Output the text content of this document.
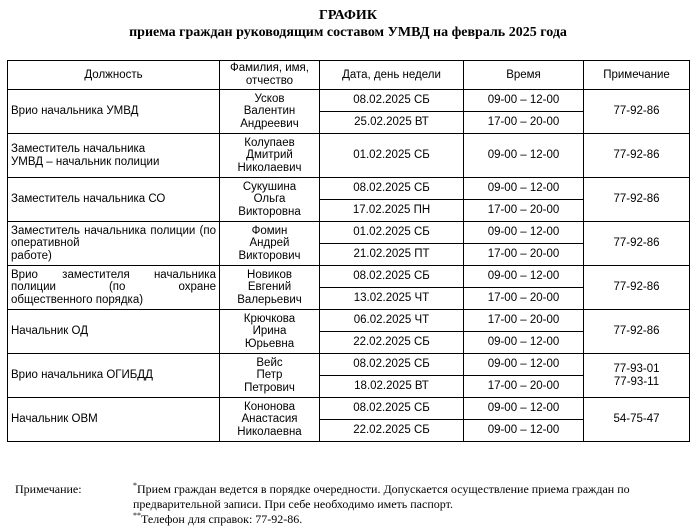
ГРАФИК
приема граждан руководящим составом УМВД на февраль 2025 года
Должность	Фамилия, имя,
отчество	Дата, день недели	Время	Примечание
Врио начальника УМВД	Усков
Валентин
Андреевич	08.02.2025 СБ	09-00 – 12-00	77-92-86
		25.02.2025 ВТ	17-00 – 20-00	
Заместитель начальника
УМВД – начальник полиции	Колупаев
Дмитрий
Николаевич	01.02.2025 СБ	09-00 – 12-00	77-92-86
Заместитель начальника СО	Сукушина
Ольга
Викторовна	08.02.2025 СБ	09-00 – 12-00	77-92-86
		17.02.2025 ПН	17-00 – 20-00	
Заместитель начальника полиции (по оперативной
работе)	Фомин
Андрей
Викторович	01.02.2025 СБ	09-00 – 12-00	77-92-86
		21.02.2025 ПТ	17-00 – 20-00	
Врио заместителя начальника полиции (по охране
общественного порядка)	Новиков
Евгений
Валерьевич	08.02.2025 СБ	09-00 – 12-00	77-92-86
		13.02.2025 ЧТ	17-00 – 20-00	
Начальник ОД	Крючкова
Ирина
Юрьевна	06.02.2025 ЧТ	17-00 – 20-00	77-92-86
		22.02.2025 СБ	09-00 – 12-00	
Врио начальника ОГИБДД	Вейс
Петр
Петрович	08.02.2025 СБ	09-00 – 12-00	77-93-01
77-93-11
		18.02.2025 ВТ	17-00 – 20-00	
Начальник ОВМ	Кононова
Анастасия
Николаевна	08.02.2025 СБ	09-00 – 12-00	54-75-47
		22.02.2025 СБ	09-00 – 12-00	
Примечание:	*Прием граждан ведется в порядке очередности. Допускается осуществление приема граждан по предварительной записи. При себе необходимо иметь паспорт.

**Телефон для справок: 77-92-86.
